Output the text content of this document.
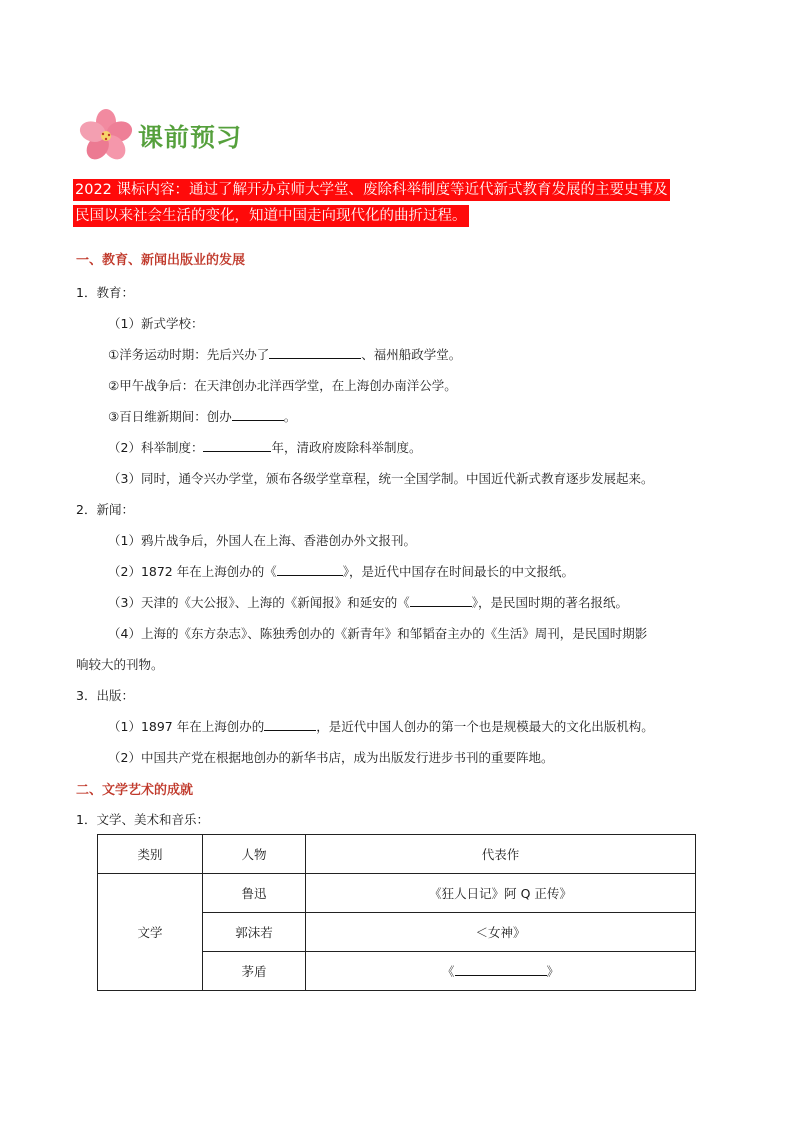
课前预习
2022 课标内容：通过了解开办京师大学堂、废除科举制度等近代新式教育发展的主要史事及
民国以来社会生活的变化，知道中国走向现代化的曲折过程。
一、教育、新闻出版业的发展
1．教育：
（1）新式学校：
①洋务运动时期：先后兴办了	、福州船政学堂。
②甲午战争后：在天津创办北洋西学堂，在上海创办南洋公学。
③百日维新期间：创办	。
（2）科举制度：	年，清政府废除科举制度。
（3）同时，通令兴办学堂，颁布各级学堂章程，统一全国学制。中国近代新式教育逐步发展起来。
2．新闻：
（1）鸦片战争后，外国人在上海、香港创办外文报刊。
（2）1872 年在上海创办的《	》，是近代中国存在时间最长的中文报纸。
（3）天津的《大公报》、上海的《新闻报》和延安的《	》，是民国时期的著名报纸。
（4）上海的《东方杂志》、陈独秀创办的《新青年》和邹韬奋主办的《生活》周刊，是民国时期影
响较大的刊物。
3．出版：
（1）1897 年在上海创办的	，是近代中国人创办的第一个也是规模最大的文化出版机构。
（2）中国共产党在根据地创办的新华书店，成为出版发行进步书刊的重要阵地。
二、文学艺术的成就
1．文学、美术和音乐：
类别	人物	代表作
文学	鲁迅	《狂人日记》阿 Q 正传》
	郭沫若	＜女神》
	茅盾	《 》
